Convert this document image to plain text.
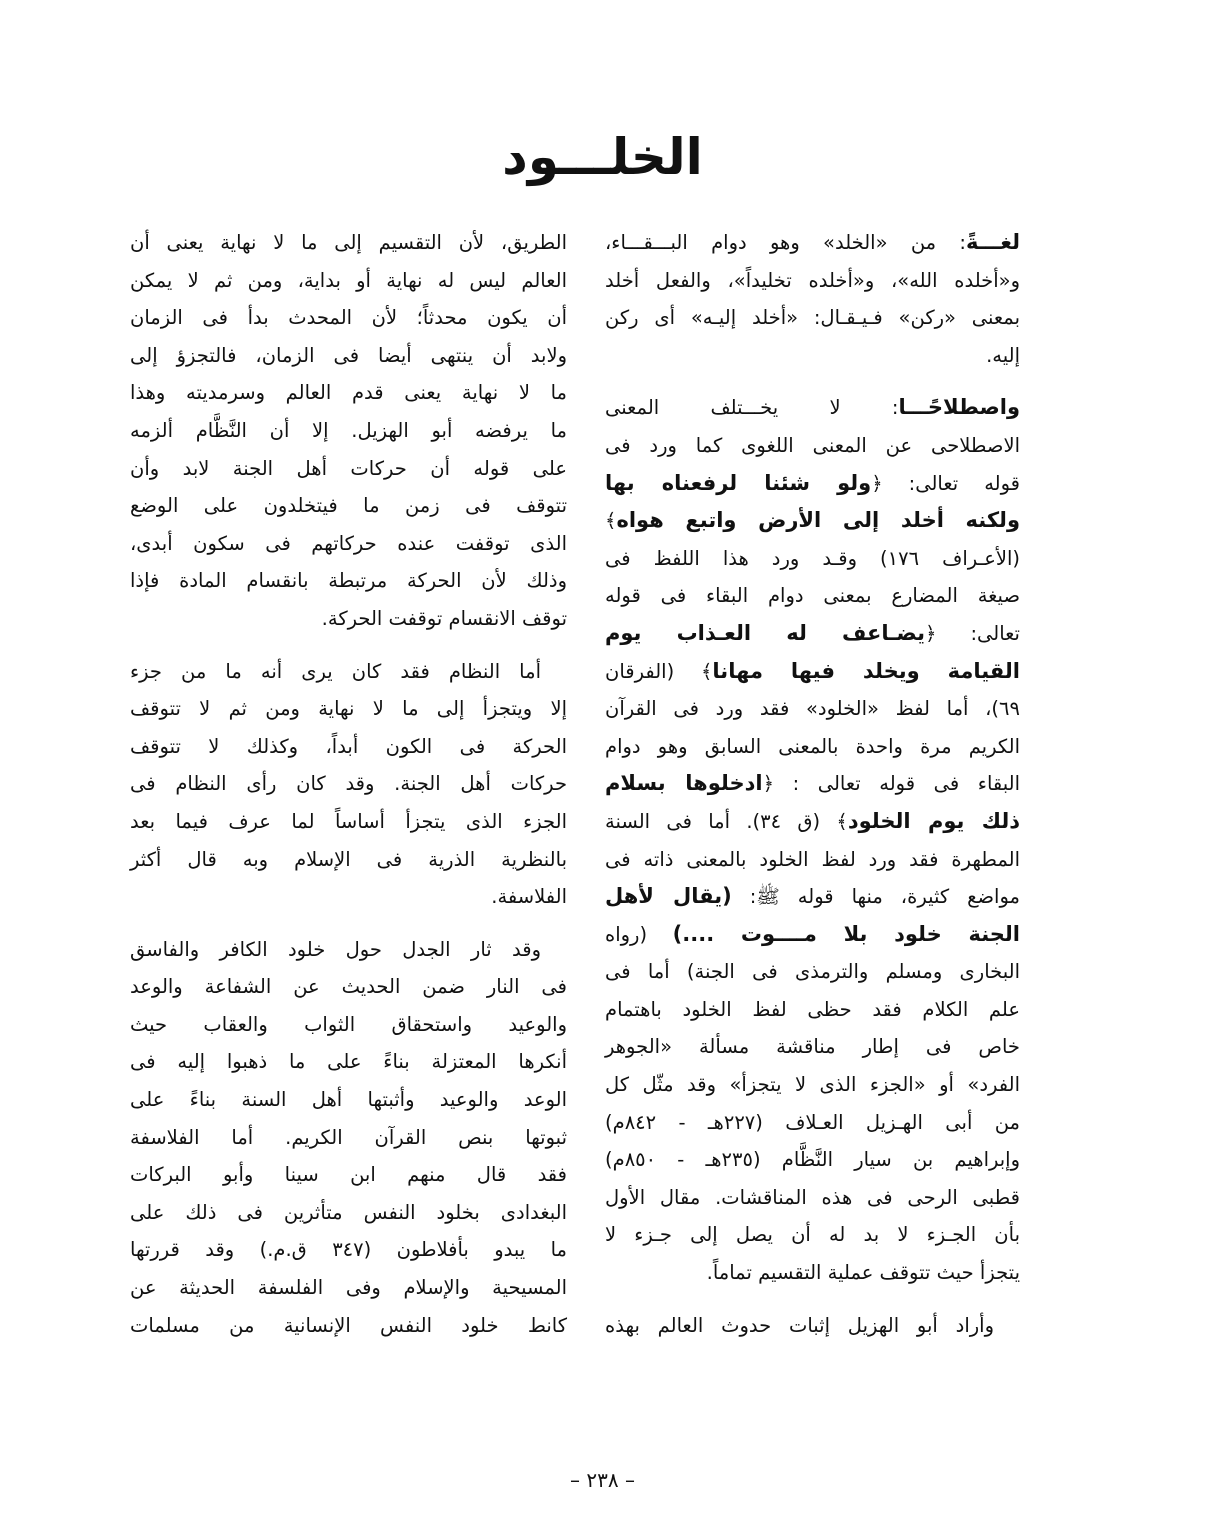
الخلـــود
الطريق، لأن التقسيم إلى ما لا نهاية يعنى أن
العالم ليس له نهاية أو بداية، ومن ثم لا يمكن
أن يكون محدثاً؛ لأن المحدث بدأ فى الزمان
ولابد أن ينتهى أيضا فى الزمان، فالتجزؤ إلى
ما لا نهاية يعنى قدم العالم وسرمديته وهذا
ما يرفضه أبو الهزيل. إلا أن النَّظَّام ألزمه
على قوله أن حركات أهل الجنة لابد وأن
تتوقف فى زمن ما فيتخلدون على الوضع
الذى توقفت عنده حركاتهم فى سكون أبدى،
وذلك لأن الحركة مرتبطة بانقسام المادة فإذا
توقف الانقسام توقفت الحركة.
أما النظام فقد كان يرى أنه ما من جزء
إلا ويتجزأ إلى ما لا نهاية ومن ثم لا تتوقف
الحركة فى الكون أبداً، وكذلك لا تتوقف
حركات أهل الجنة. وقد كان رأى النظام فى
الجزء الذى يتجزأ أساساً لما عرف فيما بعد
بالنظرية الذرية فى الإسلام وبه قال أكثر
الفلاسفة.
وقد ثار الجدل حول خلود الكافر والفاسق
فى النار ضمن الحديث عن الشفاعة والوعد
والوعيد واستحقاق الثواب والعقاب حيث
أنكرها المعتزلة بناءً على ما ذهبوا إليه فى
الوعد والوعيد وأثبتها أهل السنة بناءً على
ثبوتها بنص القرآن الكريم. أما الفلاسفة
فقد قال منهم ابن سينا وأبو البركات
البغدادى بخلود النفس متأثرين فى ذلك على
ما يبدو بأفلاطون (٣٤٧ ق.م.) وقد قررتها
المسيحية والإسلام وفى الفلسفة الحديثة عن
كانط خلود النفس الإنسانية من مسلمات
لغـــةً: من «الخلد» وهو دوام البـــقـــاء،
و«أخلده الله»، و«أخلده تخليداً»، والفعل أخلد
بمعنى «ركن» فـيـقـال: «أخلد إليـه» أى ركن
إليه.
واصطلاحًـــا: لا يخـــتلف المعنى
الاصطلاحى عن المعنى اللغوى كما ورد فى
قوله تعالى: ﴿ولو شئنا لرفعناه بها
ولكنه أخلد إلى الأرض واتبع هواه﴾
(الأعـراف ١٧٦) وقـد ورد هذا اللفظ فى
صيغة المضارع بمعنى دوام البقاء فى قوله
تعالى: ﴿يضـاعف له العـذاب يوم
القيامة ويخلد فيها مهانا﴾ (الفرقان
٦٩)، أما لفظ «الخلود» فقد ورد فى القرآن
الكريم مرة واحدة بالمعنى السابق وهو دوام
البقاء فى قوله تعالى : ﴿ادخلوها بسلام
ذلك يوم الخلود﴾ (ق ٣٤). أما فى السنة
المطهرة فقد ورد لفظ الخلود بالمعنى ذاته فى
مواضع كثيرة، منها قوله ﷺ: (يقال لأهل
الجنة خلود بلا مــــوت ....) (رواه
البخارى ومسلم والترمذى فى الجنة) أما فى
علم الكلام فقد حظى لفظ الخلود باهتمام
خاص فى إطار مناقشة مسألة «الجوهر
الفرد» أو «الجزء الذى لا يتجزأ» وقد مثّل كل
من أبى الهـزيل العـلاف (٢٢٧هـ - ٨٤٢م)
وإبراهيم بن سيار النَّظَّام (٢٣٥هـ - ٨٥٠م)
قطبى الرحى فى هذه المناقشات. مقال الأول
بأن الجـزء لا بد له أن يصل إلى جـزء لا
يتجزأ حيث تتوقف عملية التقسيم تماماً.
وأراد أبو الهزيل إثبات حدوث العالم بهذه
– ٢٣٨ –
